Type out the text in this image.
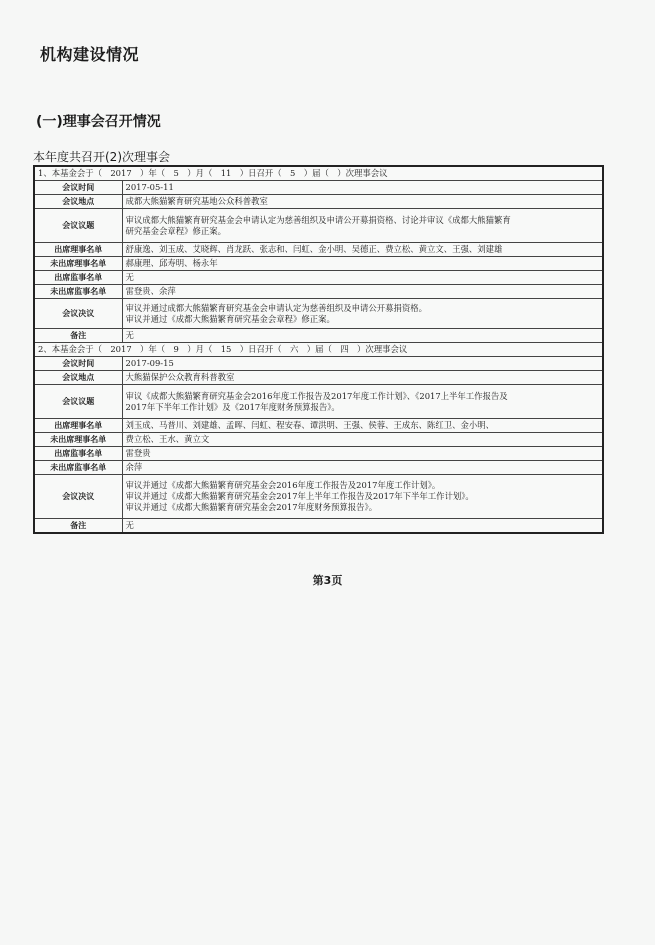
机构建设情况
(一)理事会召开情况
本年度共召开(2)次理事会
1、本基金会于（　2017　）年（　5　）月（　11　）日召开（　5　）届（　）次理事会议	
会议时间	2017-05-11
会议地点	成都大熊猫繁育研究基地公众科普教室
会议议题	审议成都大熊猫繁育研究基金会申请认定为慈善组织及申请公开募捐资格、讨论并审议《成都大熊猫繁育
研究基金会章程》修正案。

出席理事名单	舒康逸、刘玉成、艾晓辉、肖龙跃、张志和、闫虹、金小明、吴德正、费立松、黄立文、王强、刘建雄
未出席理事名单	郝康理、邱寿明、杨永年
出席监事名单	无
未出席监事名单	雷登贵、余萍
会议决议	审议并通过成都大熊猫繁育研究基金会申请认定为慈善组织及申请公开募捐资格。
审议并通过《成都大熊猫繁育研究基金会章程》修正案。

备注	无
2、本基金会于（　2017　）年（　9　）月（　15　）日召开（　六　）届（　四　）次理事会议	
会议时间	2017-09-15
会议地点	大熊猫保护公众教育科普教室
会议议题	审议《成都大熊猫繁育研究基金会2016年度工作报告及2017年度工作计划》、《2017上半年工作报告及
2017年下半年工作计划》及《2017年度财务预算报告》。

出席理事名单	刘玉成、马普川、刘建雄、孟晖、闫虹、程安春、谭洪明、王强、侯蓉、王成东、陈红卫、金小明、
未出席理事名单	费立松、王水、黄立文
出席监事名单	雷登贵
未出席监事名单	余萍
会议决议	审议并通过《成都大熊猫繁育研究基金会2016年度工作报告及2017年度工作计划》。
审议并通过《成都大熊猫繁育研究基金会2017年上半年工作报告及2017年下半年工作计划》。
审议并通过《成都大熊猫繁育研究基金会2017年度财务预算报告》。

备注	无
第3页
